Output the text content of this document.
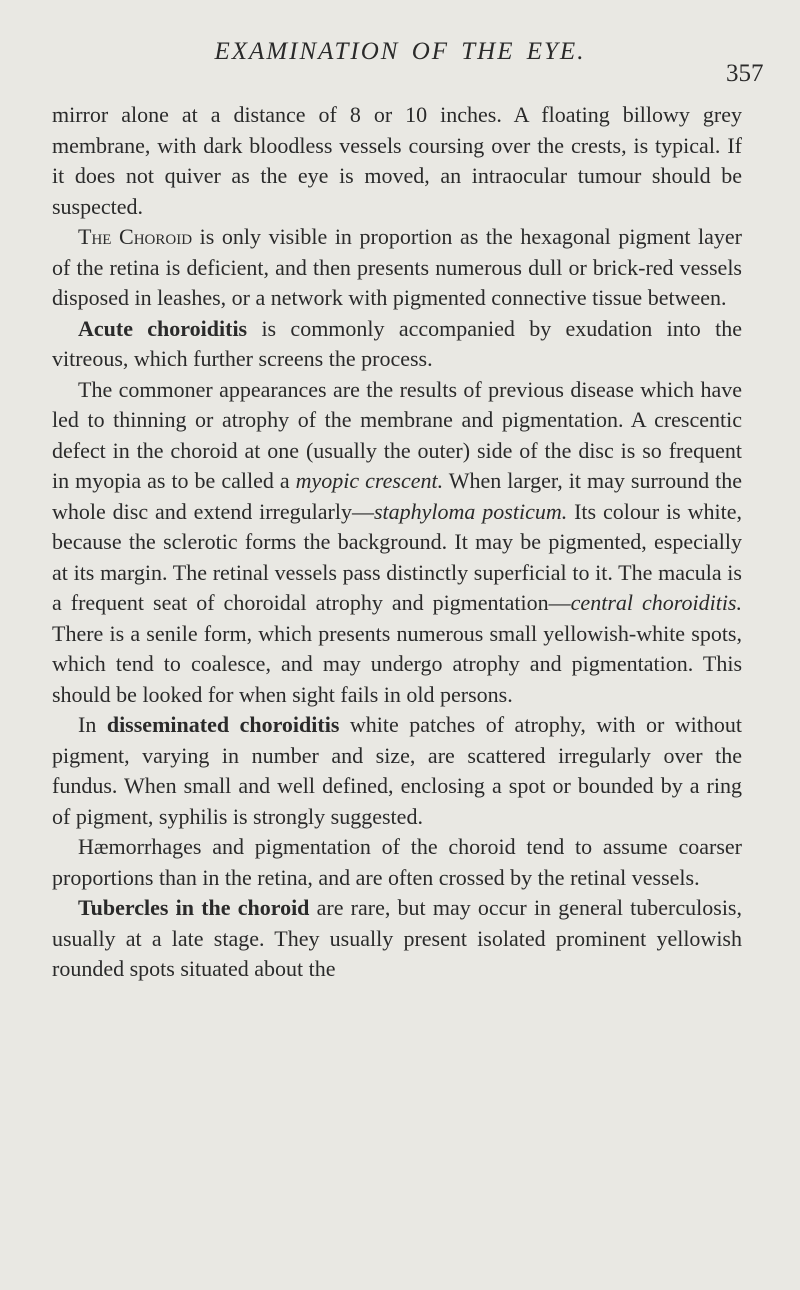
EXAMINATION OF THE EYE.
357

mirror alone at a distance of 8 or 10 inches. A floating billowy grey membrane, with dark bloodless vessels coursing over the crests, is typical. If it does not quiver as the eye is moved, an intraocular tumour should be suspected.

The Choroid is only visible in proportion as the hexagonal pigment layer of the retina is deficient, and then presents numerous dull or brick-red vessels disposed in leashes, or a network with pigmented connective tissue between.

Acute choroiditis is commonly accompanied by exudation into the vitreous, which further screens the process.

The commoner appearances are the results of previous disease which have led to thinning or atrophy of the membrane and pigmentation. A crescentic defect in the choroid at one (usually the outer) side of the disc is so frequent in myopia as to be called a myopic crescent. When larger, it may surround the whole disc and extend irregularly—staphyloma posticum. Its colour is white, because the sclerotic forms the background. It may be pigmented, especially at its margin. The retinal vessels pass distinctly superficial to it. The macula is a frequent seat of choroidal atrophy and pigmentation—central choroiditis. There is a senile form, which presents numerous small yellowish-white spots, which tend to coalesce, and may undergo atrophy and pigmentation. This should be looked for when sight fails in old persons.

In disseminated choroiditis white patches of atrophy, with or without pigment, varying in number and size, are scattered irregularly over the fundus. When small and well defined, enclosing a spot or bounded by a ring of pigment, syphilis is strongly suggested.

Hæmorrhages and pigmentation of the choroid tend to assume coarser proportions than in the retina, and are often crossed by the retinal vessels.

Tubercles in the choroid are rare, but may occur in general tuberculosis, usually at a late stage. They usually present isolated prominent yellowish rounded spots situated about the
